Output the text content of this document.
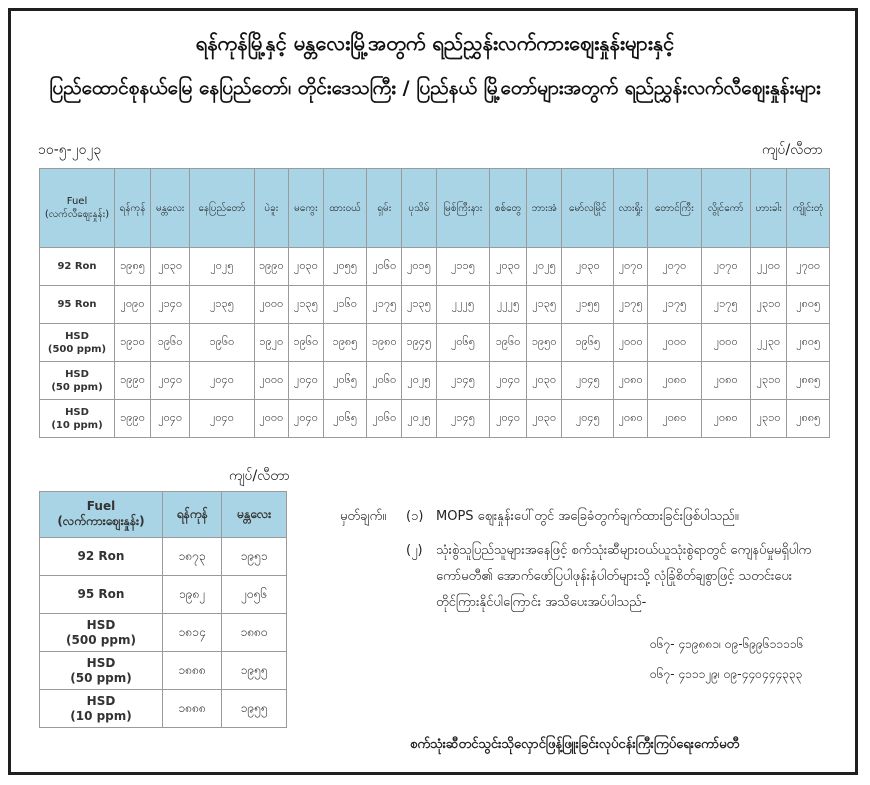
ရန်ကုန်မြို့နှင့် မန္တလေးမြို့အတွက် ရည်ညွှန်းလက်ကားဈေးနှုန်းများနှင့်
ပြည်ထောင်စုနယ်မြေ နေပြည်တော်၊ တိုင်းဒေသကြီး / ပြည်နယ် မြို့တော်များအတွက် ရည်ညွှန်းလက်လီဈေးနှုန်းများ
၁၀-၅-၂၀၂၃	ကျပ်/လီတာ
Fuel
(လက်လီဈေးနှုန်း)	ရန်ကုန်	မန္တလေး	နေပြည်တော်	ပဲခူး	မကွေး	ထားဝယ်	ရှမ်း	ပုသိမ်	မြစ်ကြီးနား	စစ်တွေ	ဘားအံ	မော်လမြိုင်	လားရှိုး	တောင်ကြီး	လွိုင်ကော်	ဟားခါး	ကျိုင်းတုံ

92 Ron	၁၉၈၅	၂၀၃၀	၂၀၂၅	၁၉၉၀	၂၀၃၀	၂၀၅၅	၂၀၆၀	၂၀၁၅	၂၁၁၅	၂၀၃၀	၂၀၂၅	၂၀၃၀	၂၀၇၀	၂၀၇၀	၂၀၇၀	၂၂၀၀	၂၇၀၀

95 Ron	၂၀၉၀	၂၁၄၀	၂၁၃၅	၂၀၀၀	၂၁၃၅	၂၁၆၀	၂၁၇၅	၂၁၃၅	၂၂၂၅	၂၂၂၅	၂၁၃၅	၂၁၅၅	၂၁၇၅	၂၁၇၅	၂၁၇၅	၂၃၁၀	၂၈၀၅

HSD
(500 ppm)	၁၉၁၀	၁၉၆၀	၁၉၆၀	၁၉၂၀	၁၉၆၀	၁၉၈၅	၁၉၈၀	၁၉၄၅	၂၀၆၅	၁၉၆၀	၁၉၅၀	၁၉၆၅	၂၀၀၀	၂၀၀၀	၂၀၀၀	၂၂၃၀	၂၈၀၅

HSD
(50 ppm)	၁၉၉၀	၂၀၄၀	၂၀၄၀	၂၀၀၀	၂၀၄၀	၂၀၆၅	၂၀၆၀	၂၀၂၅	၂၁၄၅	၂၀၄၀	၂၀၃၀	၂၀၄၅	၂၀၈၀	၂၀၈၀	၂၀၈၀	၂၃၁၀	၂၈၈၅

HSD
(10 ppm)	၁၉၉၀	၂၀၄၀	၂၀၄၀	၂၀၀၀	၂၀၄၀	၂၀၆၅	၂၀၆၀	၂၀၂၅	၂၁၄၅	၂၀၄၀	၂၀၃၀	၂၀၄၅	၂၀၈၀	၂၀၈၀	၂၀၈၀	၂၃၁၀	၂၈၈၅
ကျပ်/လီတာ
Fuel
(လက်ကားဈေးနှုန်း)	ရန်ကုန်	မန္တလေး

92 Ron	၁၈၇၃	၁၉၅၁

95 Ron	၁၉၈၂	၂၀၅၆

HSD
(500 ppm)	၁၈၁၄	၁၈၈၀

HSD
(50 ppm)	၁၈၈၈	၁၉၅၅

HSD
(10 ppm)	၁၈၈၈	၁၉၅၅
မှတ်ချက်။ (၁) MOPS ဈေးနှုန်းပေါ်တွင် အခြေခံတွက်ချက်ထားခြင်းဖြစ်ပါသည်။
(၂) သုံးစွဲသူပြည်သူများအနေဖြင့် စက်သုံးဆီများဝယ်ယူသုံးစွဲရာတွင် ကျေနပ်မှုမရှိပါက
ကော်မတီ၏ အောက်ဖော်ပြပါဖုန်းနံပါတ်များသို့ လုံခြုံစိတ်ချစွာဖြင့် သတင်းပေး
တိုင်ကြားနိုင်ပါကြောင်း အသိပေးအပ်ပါသည်-
၀၆၇- ၄၁၉၈၈၁၊ ၀၉-၆၉၉၆၁၁၁၁၆
၀၆၇- ၄၁၁၁၂၉၊ ၀၉-၄၄၀၄၄၄၃၃၃
စက်သုံးဆီတင်သွင်းသိုလှောင်ဖြန့်ဖြူးခြင်းလုပ်ငန်းကြီးကြပ်ရေးကော်မတီ
